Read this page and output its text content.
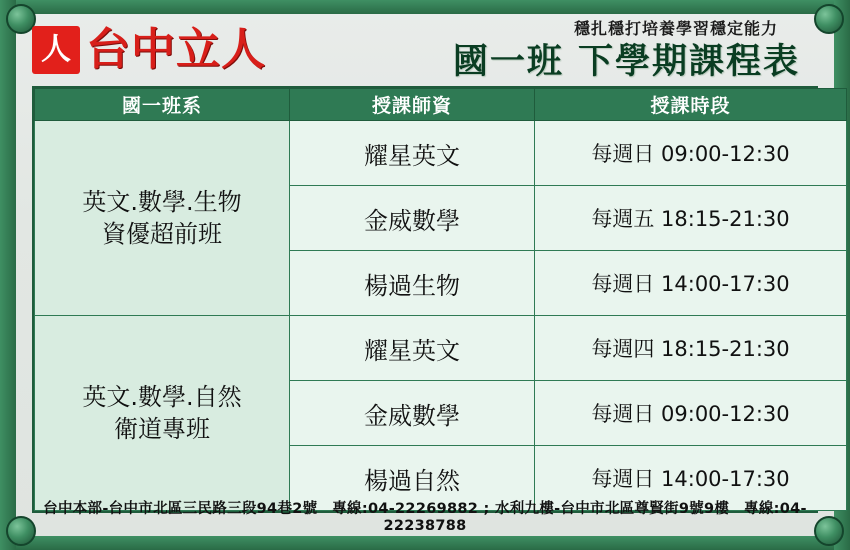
人 台中立人	穩扎穩打培養學習穩定能力
國一班 下學期課程表
國一班系	授課師資	授課時段

英文.數學.生物
資優超前班	耀星英文	每週日 09:00-12:30
	金威數學	每週五 18:15-21:30
	楊過生物	每週日 14:00-17:30

英文.數學.自然
衛道專班	耀星英文	每週四 18:15-21:30
	金威數學	每週日 09:00-12:30
	楊過自然	每週日 14:00-17:30
台中本部-台中市北區三民路三段94巷2號　專線:04-22269882 ; 水利九樓-台中市北區尊賢街9號9樓　專線:04-22238788
